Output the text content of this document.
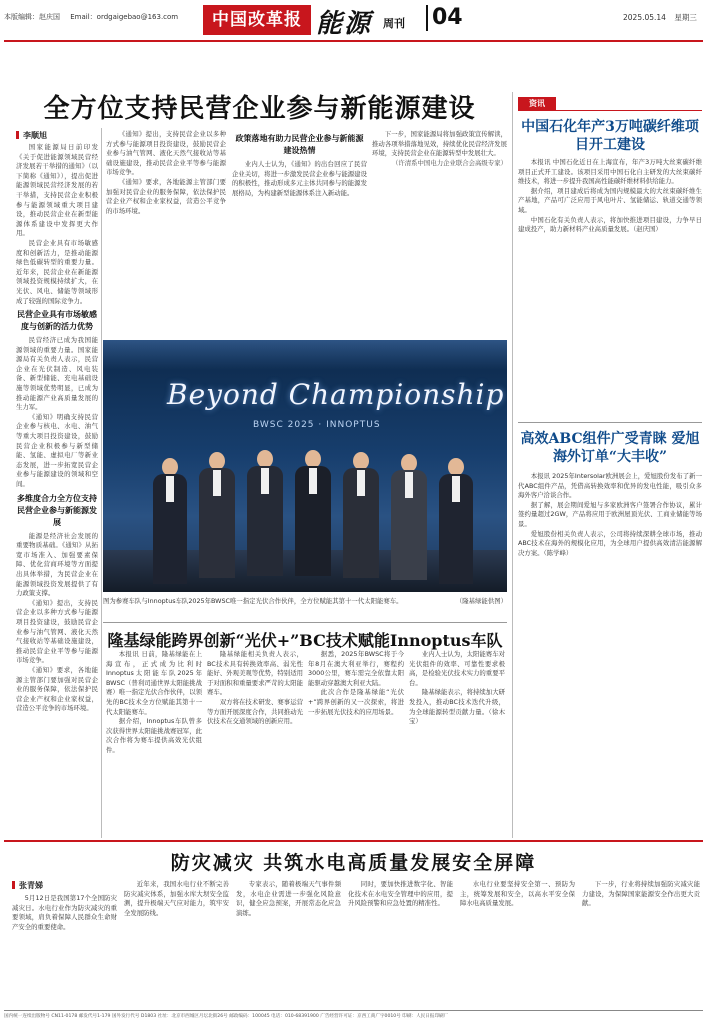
本版编辑：赵庆国 Email：ordgaigebao@163.com	中国改革报 能源 周刊 04	2025.05.14 星期三
全方位支持民营企业参与新能源建设
李顺旭

国家能源局日前印发《关于促进能源领域民营经济发展若干举措的通知》（以下简称《通知》），提出促进能源领域民营经济发展的若干举措，支持民营企业积极参与能源领域重大项目建设，推动民营企业在新型能源体系建设中发挥更大作用。

民营企业具有市场敏感度和创新活力，是推动能源绿色低碳转型的重要力量。近年来，民营企业在新能源领域投资规模持续扩大，在光伏、风电、储能等领域形成了较强的国际竞争力。

民营企业具有市场敏感度与创新的活力优势

民营经济已成为我国能源领域的重要力量。国家能源局有关负责人表示，民营企业在光伏制造、风电装备、新型储能、充电基础设施等领域优势明显，已成为推动能源产业高质量发展的生力军。

《通知》明确支持民营企业参与核电、水电、油气等重大项目投资建设，鼓励民营企业积极参与新型储能、氢能、虚拟电厂等新业态发展，进一步拓宽民营企业参与能源建设的领域和空间。

多维度合力全方位支持民营企业参与新能源发展

能源是经济社会发展的重要物质基础。《通知》从拓宽市场准入、加强要素保障、优化营商环境等方面提出具体举措，为民营企业在能源领域投资发展提供了有力政策支撑。

《通知》提出，支持民营企业以多种方式参与能源项目投资建设，鼓励民营企业参与油气管网、液化天然气接收站等基础设施建设，推动民营企业平等参与能源市场竞争。

《通知》要求，各地能源主管部门要加强对民营企业的服务保障，依法保护民营企业产权和企业家权益，营造公平竞争的市场环境。

《通知》提出，支持民营企业以多种方式参与能源项目投资建设，鼓励民营企业参与油气管网、液化天然气接收站等基础设施建设，推动民营企业平等参与能源市场竞争。

《通知》要求，各地能源主管部门要加强对民营企业的服务保障，依法保护民营企业产权和企业家权益，营造公平竞争的市场环境。

政策落地有助力民营企业参与新能源建设热情

业内人士认为，《通知》的出台回应了民营企业关切，将进一步激发民营企业参与能源建设的积极性，推动形成多元主体共同参与的能源发展格局，为构建新型能源体系注入新动能。

下一步，国家能源局将加强政策宣传解读，推动各项举措落地见效，持续优化民营经济发展环境，支持民营企业在能源转型中发展壮大。

（许清系中国电力企业联合会高级专家）

Beyond Championship
BWSC 2025 · INNOPTUS
图为参赛车队与Innoptus车队2025年BWSC唯一指定光伏合作伙伴，全方位赋能其第十一代太阳能赛车。	（隆基绿能供图）
隆基绿能跨界创新“光伏+”BC技术赋能Innoptus车队

本报讯 日前，隆基绿能在上海宣布，正式成为比利时Innoptus太阳能车队2025年BWSC（普利司通世界太阳能挑战赛）唯一指定光伏合作伙伴，以领先的BC技术全方位赋能其第十一代太阳能赛车。

据介绍，Innoptus车队曾多次获得世界太阳能挑战赛冠军，此次合作将为赛车提供高效光伏组件。

隆基绿能相关负责人表示，BC技术具有转换效率高、弱光性能好、外观美观等优势，特别适用于对面积和重量要求严苛的太阳能赛车。

双方将在技术研发、赛事运营等方面开展深度合作，共同推动光伏技术在交通领域的创新应用。

据悉，2025年BWSC将于今年8月在澳大利亚举行，赛程约3000公里，赛车需完全依靠太阳能驱动穿越澳大利亚大陆。

此次合作是隆基绿能“光伏+”跨界创新的又一次探索，将进一步拓展光伏技术的应用场景。

业内人士认为，太阳能赛车对光伏组件的效率、可靠性要求极高，是检验光伏技术实力的重要平台。

隆基绿能表示，将持续加大研发投入，推动BC技术迭代升级，为全球能源转型贡献力量。（徐木宝）

资讯
中国石化年产3万吨碳纤维项目开工建设

本报讯 中国石化近日在上海宣布，年产3万吨大丝束碳纤维项目正式开工建设。该项目采用中国石化自主研发的大丝束碳纤维技术，将进一步提升我国高性能碳纤维材料供给能力。

据介绍，项目建成后将成为国内规模最大的大丝束碳纤维生产基地，产品可广泛应用于风电叶片、氢能储运、轨道交通等领域。

中国石化有关负责人表示，将加快推进项目建设，力争早日建成投产，助力新材料产业高质量发展。（赵庆国）

高效ABC组件广受青睐 爱旭海外订单“大丰收”

本报讯 2025年Intersolar欧洲展会上，爱旭股份发布了新一代ABC组件产品，凭借高转换效率和优异的发电性能，吸引众多海外客户洽谈合作。

据了解，展会期间爱旭与多家欧洲客户签署合作协议，累计签约量超过2GW，产品将应用于欧洲屋顶光伏、工商业储能等场景。

爱旭股份相关负责人表示，公司将持续深耕全球市场，推动ABC技术在海外的规模化应用，为全球用户提供高效清洁能源解决方案。（陈学峰）

防灾减灾 共筑水电高质量发展安全屏障
张青娣

5月12日是我国第17个全国防灾减灾日。水电行业作为防灾减灾的重要领域，肩负着保障人民群众生命财产安全的重要使命。

近年来，我国水电行业不断完善防灾减灾体系，加强水库大坝安全监测，提升极端天气应对能力，筑牢安全发展防线。

专家表示，随着极端天气事件频发，水电企业需进一步强化风险意识，健全应急预案，开展常态化应急演练。

同时，要加快推进数字化、智能化技术在水电安全管理中的应用，提升风险预警和应急处置的精准性。

水电行业要坚持安全第一、预防为主，统筹发展和安全，以高水平安全保障水电高质量发展。

下一步，行业将持续加强防灾减灾能力建设，为保障国家能源安全作出更大贡献。

国内统一连续出版物号 CN11-0178 邮发代号1-179 国外发行代号 D1803 社址：北京市西城区月坛北街26号 邮政编码：100045 电话：010-68391900 广告经营许可证：京西工商广字0010号 印刷：人民日报印刷厂
